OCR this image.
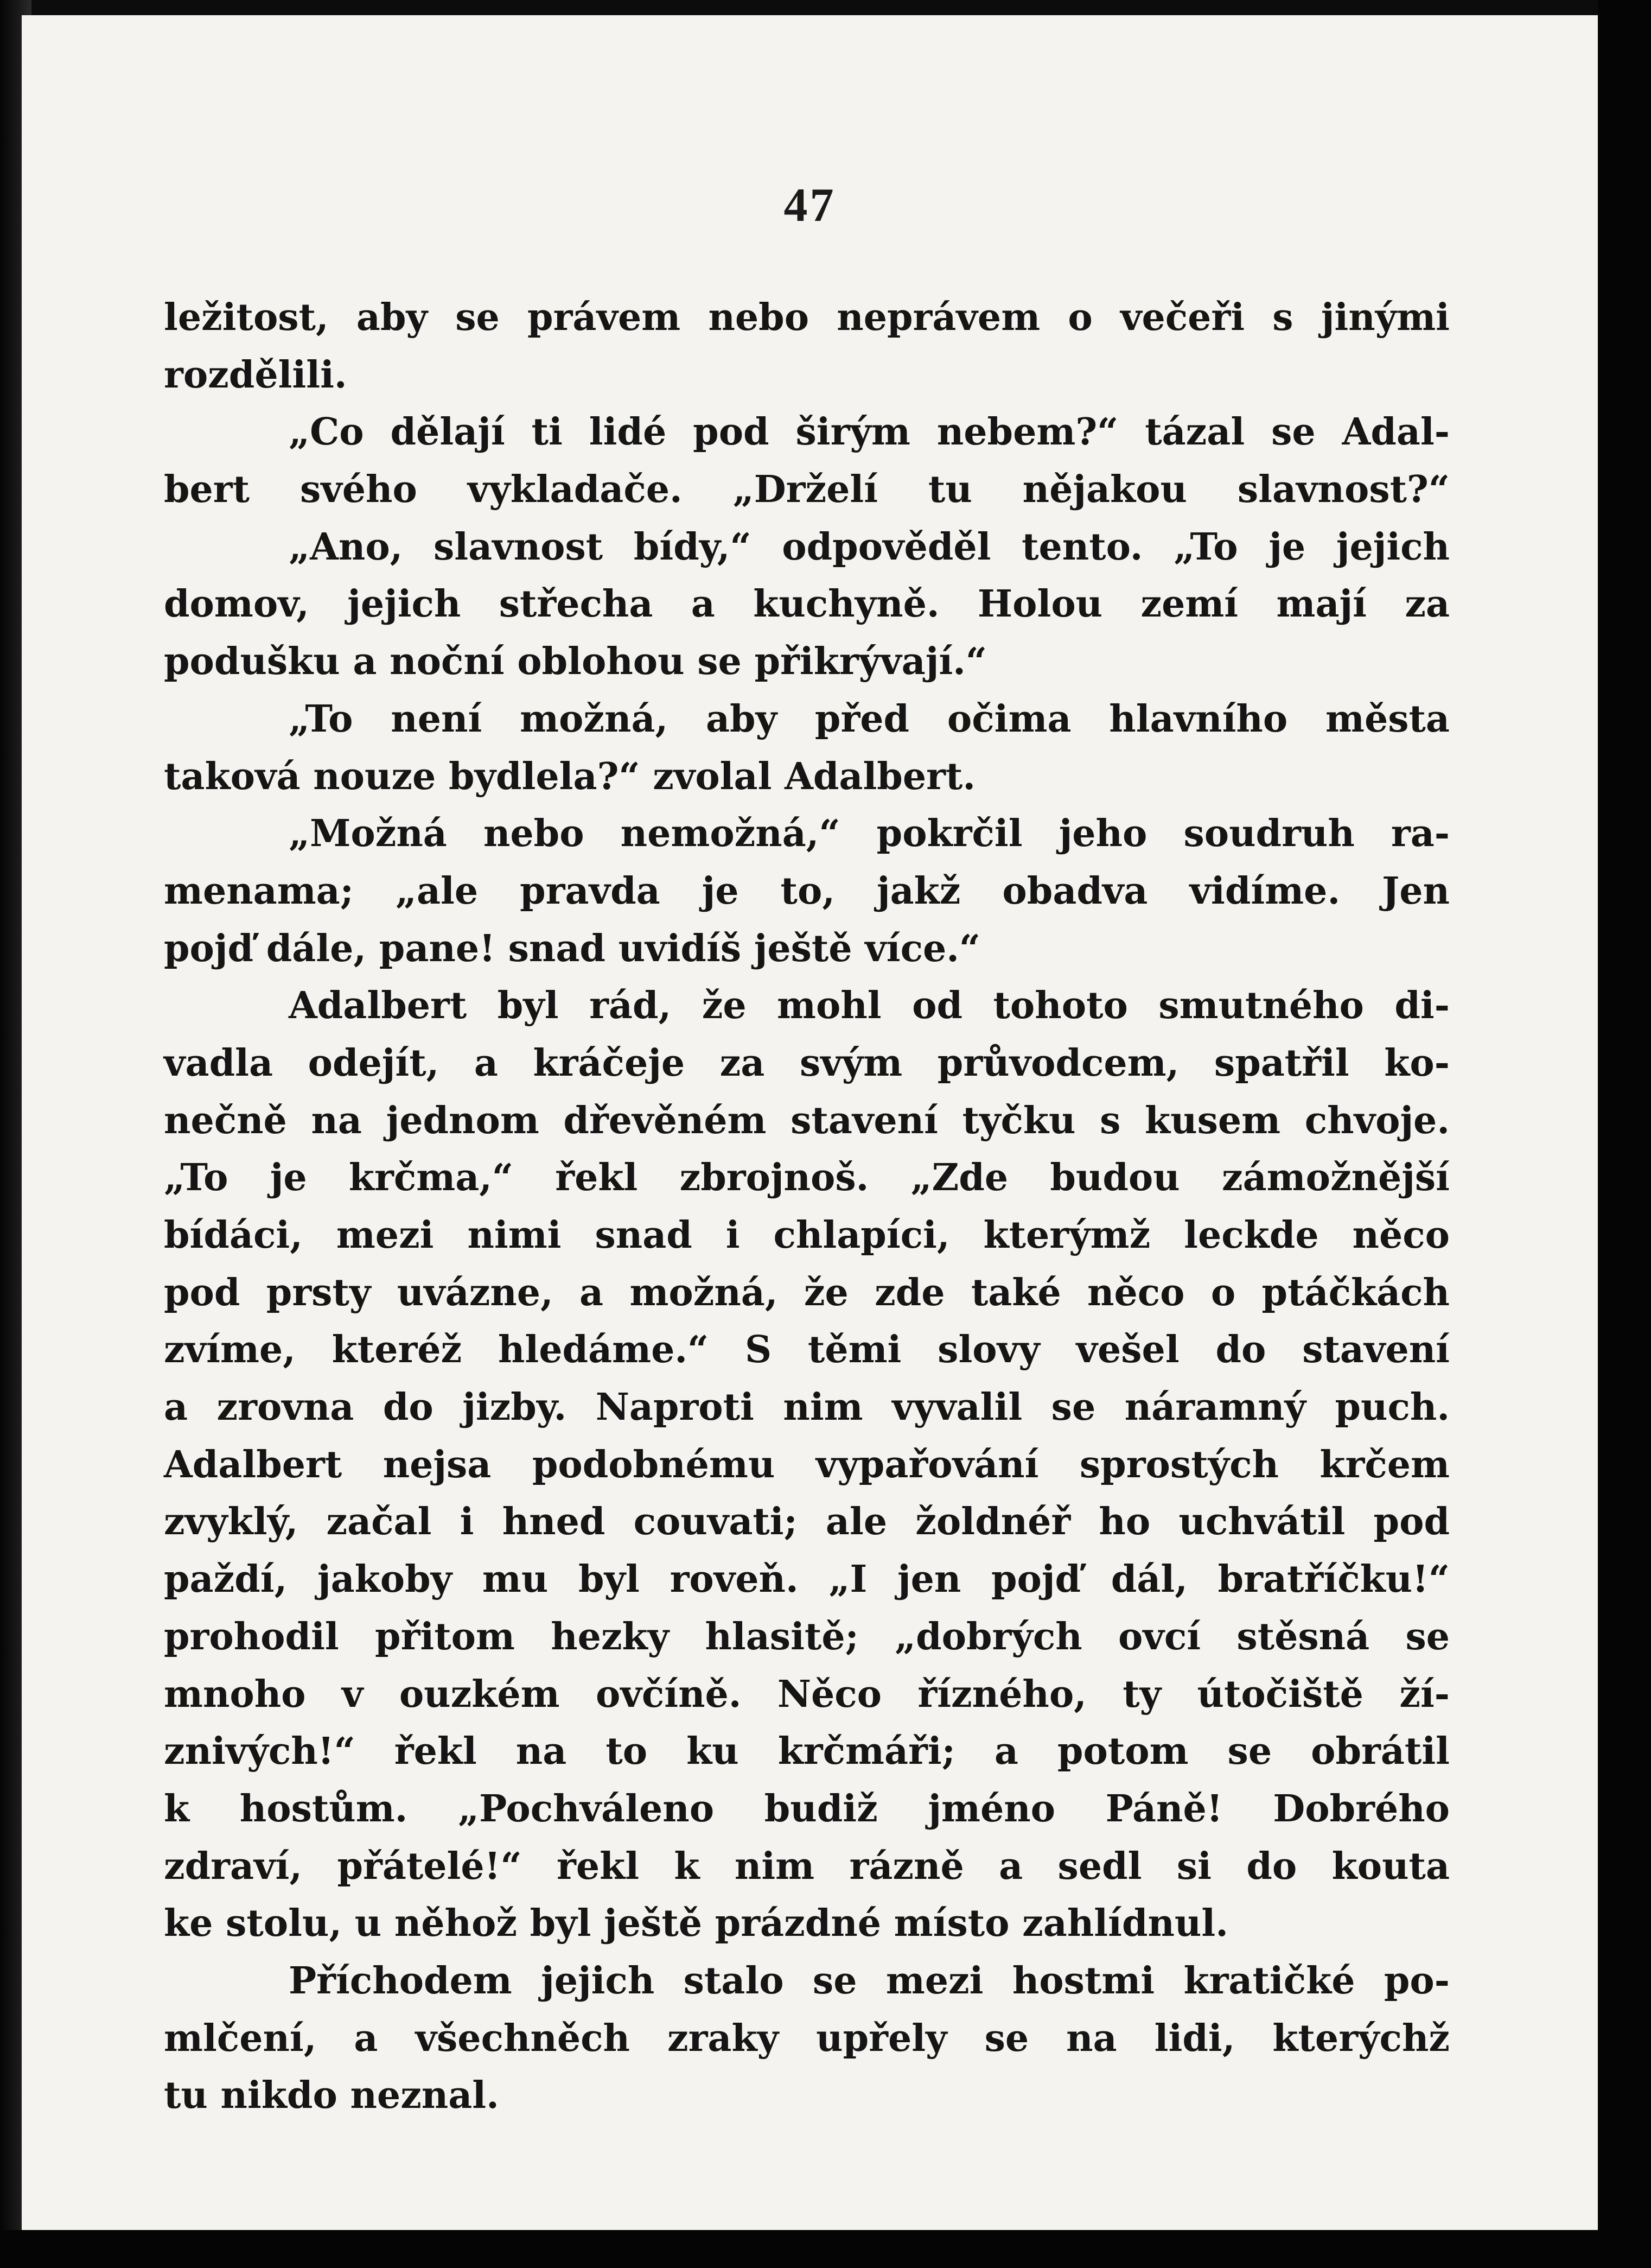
47
ležitost, aby se právem nebo neprávem o večeři s jinými
rozdělili.
„Co dělají ti lidé pod širým nebem?“ tázal se Adal-
bert svého vykladače. „Drželí tu nějakou slavnost?“
„Ano, slavnost bídy,“ odpověděl tento. „To je jejich
domov, jejich střecha a kuchyně. Holou zemí mají za
podušku a noční oblohou se přikrývají.“
„To není možná, aby před očima hlavního města
taková nouze bydlela?“ zvolal Adalbert.
„Možná nebo nemožná,“ pokrčil jeho soudruh ra-
menama; „ale pravda je to, jakž obadva vidíme. Jen
pojď dále, pane! snad uvidíš ještě více.“
Adalbert byl rád, že mohl od tohoto smutného di-
vadla odejít, a kráčeje za svým průvodcem, spatřil ko-
nečně na jednom dřevěném stavení tyčku s kusem chvoje.
„To je krčma,“ řekl zbrojnoš. „Zde budou zámožnější
bídáci, mezi nimi snad i chlapíci, kterýmž leckde něco
pod prsty uvázne, a možná, že zde také něco o ptáčkách
zvíme, kteréž hledáme.“ S těmi slovy vešel do stavení
a zrovna do jizby. Naproti nim vyvalil se náramný puch.
Adalbert nejsa podobnému vypařování sprostých krčem
zvyklý, začal i hned couvati; ale žoldnéř ho uchvátil pod
paždí, jakoby mu byl roveň. „I jen pojď dál, bratříčku!“
prohodil přitom hezky hlasitě; „dobrých ovcí stěsná se
mnoho v ouzkém ovčíně. Něco řízného, ty útočiště ží-
znivých!“ řekl na to ku krčmáři; a potom se obrátil
k hostům. „Pochváleno budiž jméno Páně! Dobrého
zdraví, přátelé!“ řekl k nim rázně a sedl si do kouta
ke stolu, u něhož byl ještě prázdné místo zahlídnul.
Příchodem jejich stalo se mezi hostmi kratičké po-
mlčení, a všechněch zraky upřely se na lidi, kterýchž
tu nikdo neznal.
